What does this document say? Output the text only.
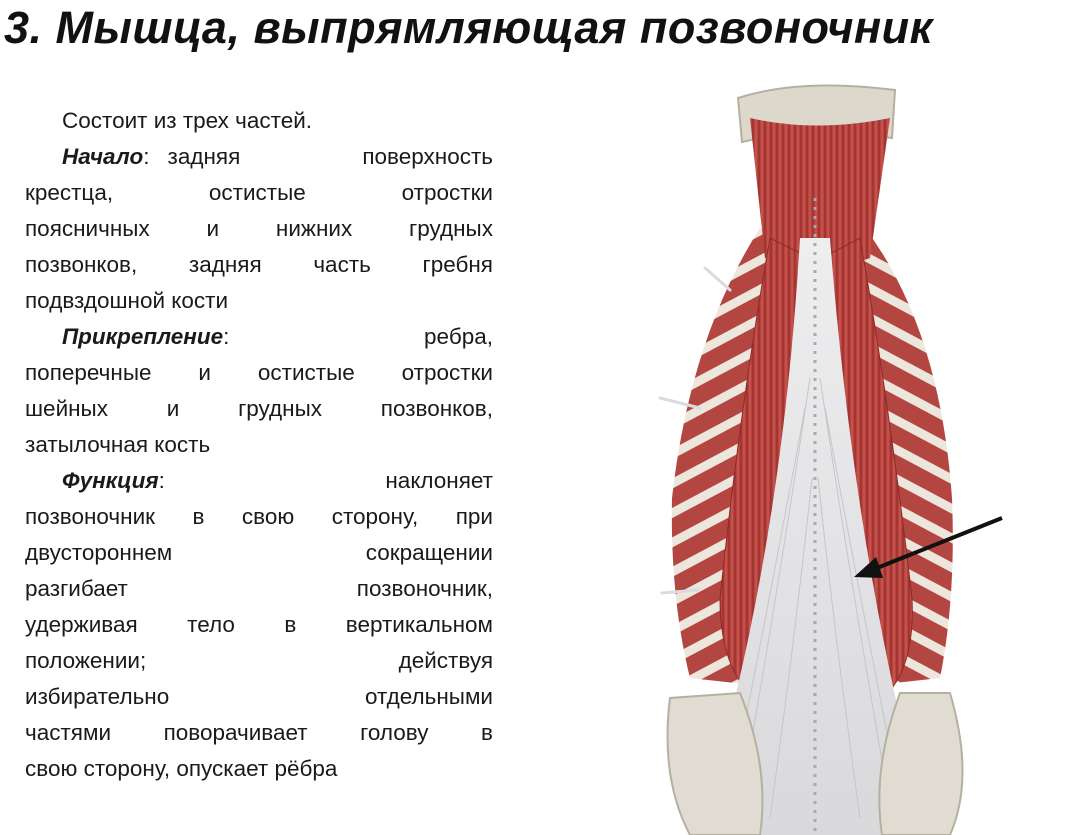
3. Мышца, выпрямляющая позвоночник

Состоит из трех частей.

Начало: задняя	поверхность

крестца,	остистые	отростки

поясничных	и	нижних	грудных

позвонков, задняя часть гребня

подвздошной кости

Прикрепление:	ребра,

поперечные и остистые отростки

шейных	и	грудных	позвонков,

затылочная кость

Функция:	наклоняет

позвоночник в свою сторону, при

двустороннем	сокращении

разгибает	позвоночник,

удерживая тело в вертикальном

положении;	действуя

избирательно	отдельными

частями поворачивает голову в

свою сторону, опускает рёбра
